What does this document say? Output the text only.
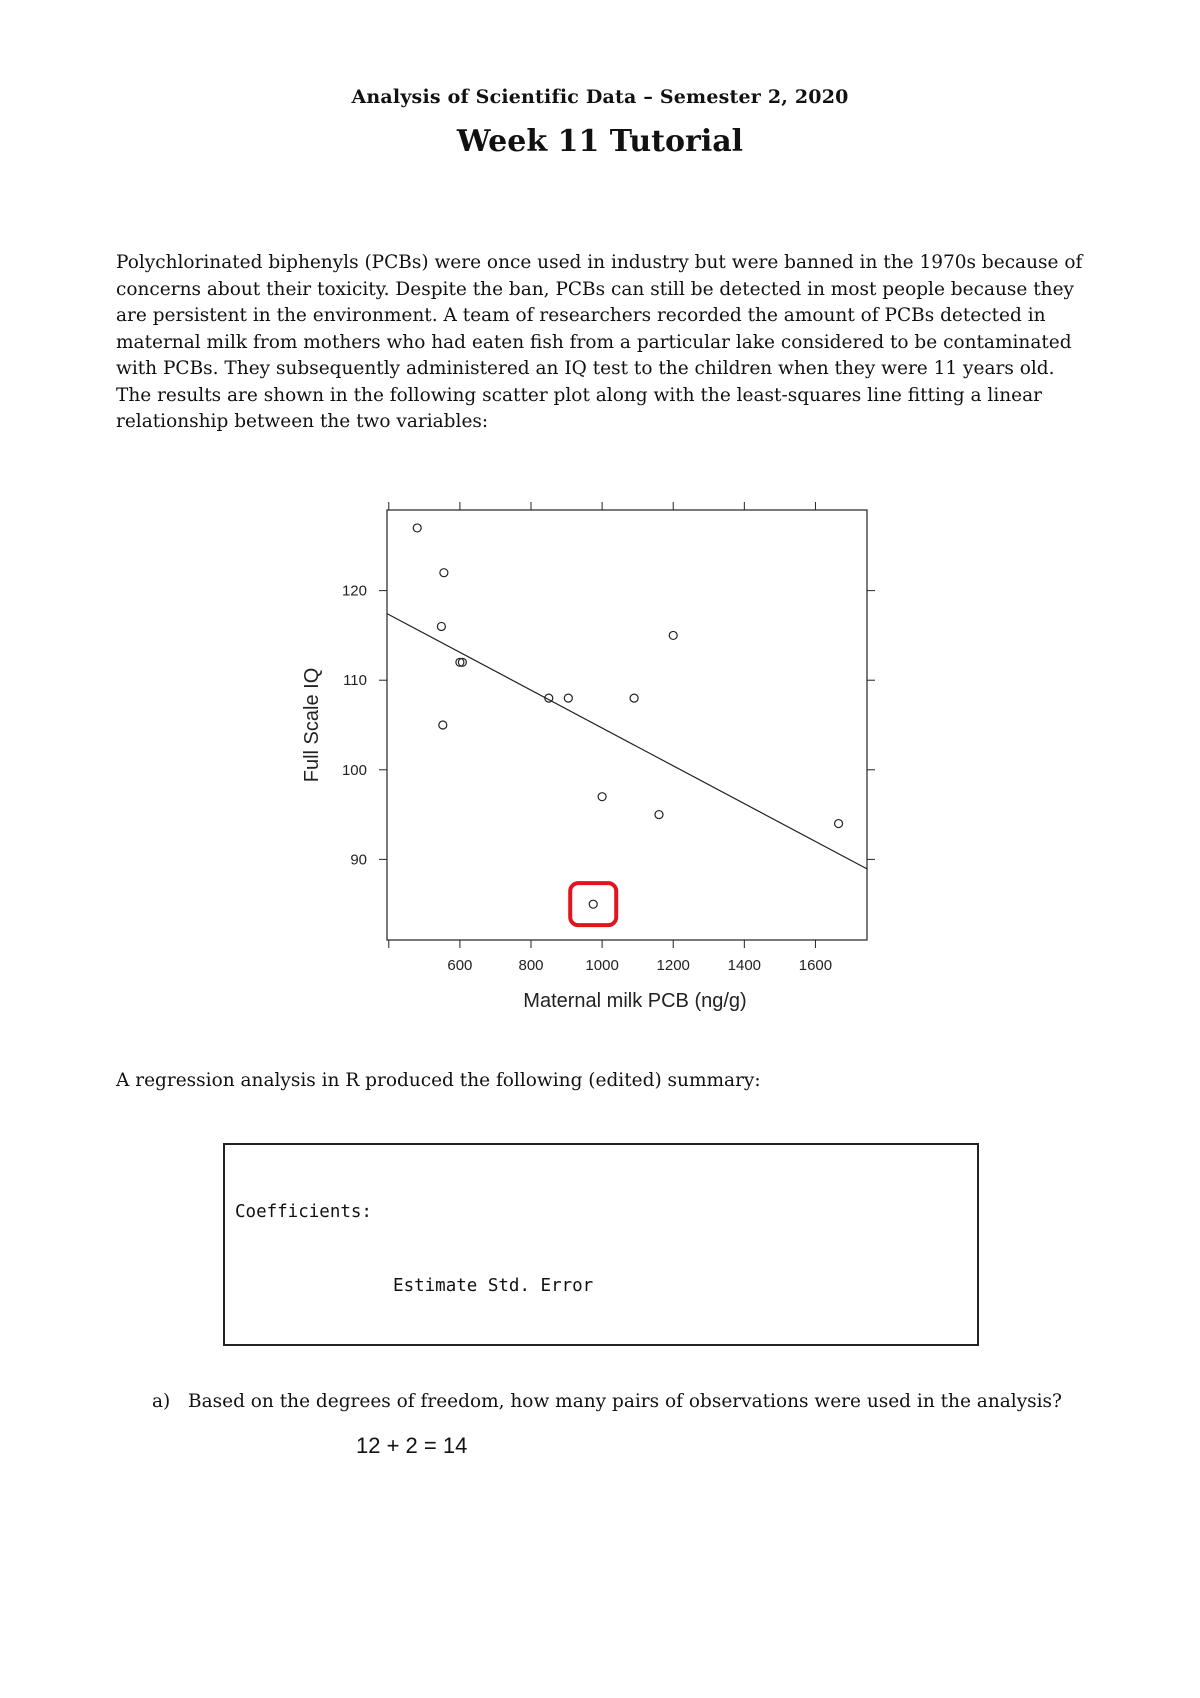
Analysis of Scientific Data – Semester 2, 2020
Week 11 Tutorial
Polychlorinated biphenyls (PCBs) were once used in industry but were banned in the 1970s because of
concerns about their toxicity. Despite the ban, PCBs can still be detected in most people because they
are persistent in the environment. A team of researchers recorded the amount of PCBs detected in
maternal milk from mothers who had eaten fish from a particular lake considered to be contaminated
with PCBs. They subsequently administered an IQ test to the children when they were 11 years old.
The results are shown in the following scatter plot along with the least-squares line fitting a linear
relationship between the two variables:
600	800	1000	1200	1400	1600
90
100
110
120
Maternal milk PCB (ng/g)
Full Scale IQ
A regression analysis in R produced the following (edited) summary:

Coefficients:

Estimate Std. Error

a) Based on the degrees of freedom, how many pairs of observations were used in the analysis?
12 + 2 = 14
